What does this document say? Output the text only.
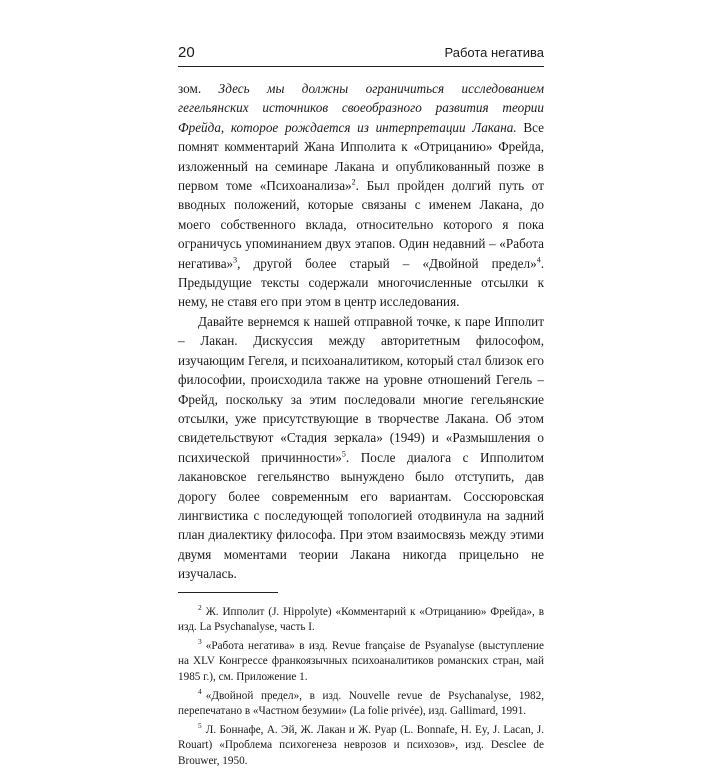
20	Работа негатива

зом. Здесь мы должны ограничиться исследованием гегельянских источников своеобразного развития теории Фрейда, которое рождается из интерпретации Лакана. Все помнят комментарий Жана Ипполита к «Отрицанию» Фрейда, изложенный на семинаре Лакана и опубликованный позже в первом томе «Психоанализа»$^2$. Был пройден долгий путь от вводных положений, которые связаны с именем Лакана, до моего собственного вклада, относительно которого я пока ограничусь упоминанием двух этапов. Один недавний – «Работа негатива»$^3$, другой более старый – «Двойной предел»$^4$. Предыдущие тексты содержали многочисленные отсылки к нему, не ставя его при этом в центр исследования.

Давайте вернемся к нашей отправной точке, к паре Ипполит – Лакан. Дискуссия между авторитетным философом, изучающим Гегеля, и психоаналитиком, который стал близок его философии, происходила также на уровне отношений Гегель – Фрейд, поскольку за этим последовали многие гегельянские отсылки, уже присутствующие в творчестве Лакана. Об этом свидетельствуют «Стадия зеркала» (1949) и «Размышления о психической причинности»$^5$. После диалога с Ипполитом лакановское гегельянство вынуждено было отступить, дав дорогу более современным его вариантам. Соссюровская лингвистика с последующей топологией отодвинула на задний план диалектику философа. При этом взаимосвязь между этими двумя моментами теории Лакана никогда прицельно не изучалась.

$^2$ Ж. Ипполит (J. Hippolyte) «Комментарий к «Отрицанию» Фрейда», в изд. La Psychanalyse, часть I.

$^3$ «Работа негатива» в изд. Revue française de Psyanalyse (выступление на XLV Конгрессе франкоязычных психоаналитиков романских стран, май 1985 г.), см. Приложение 1.

$^4$ «Двойной предел», в изд. Nouvelle revue de Psychanalyse, 1982, перепечатано в «Частном безумии» (La folie privée), изд. Gallimard, 1991.

$^5$ Л. Боннафе, А. Эй, Ж. Лакан и Ж. Руар (L. Bonnafe, H. Ey, J. Lacan, J. Rouart) «Проблема психогенеза неврозов и психозов», изд. Desclee de Brouwer, 1950.
